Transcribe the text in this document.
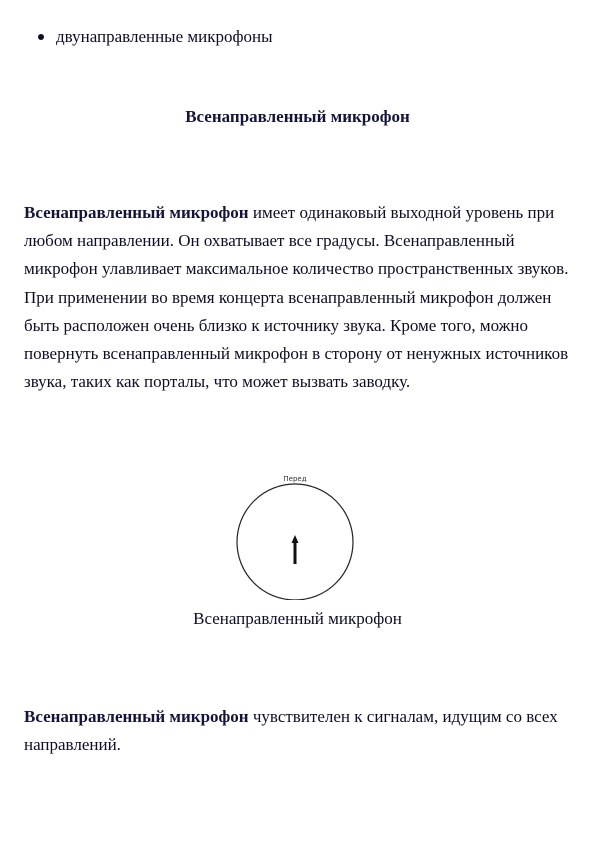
двунаправленные микрофоны
Всенаправленный микрофон
Всенаправленный микрофон имеет одинаковый выходной уровень при любом направлении. Он охватывает все градусы. Всенаправленный микрофон улавливает максимальное количество пространственных звуков. При применении во время концерта всенаправленный микрофон должен быть расположен очень близко к источнику звука. Кроме того, можно повернуть всенаправленный микрофон в сторону от ненужных источников звука, таких как порталы, что может вызвать заводку.
Перед
Всенаправленный микрофон
Всенаправленный микрофон чувствителен к сигналам, идущим со всех направлений.
